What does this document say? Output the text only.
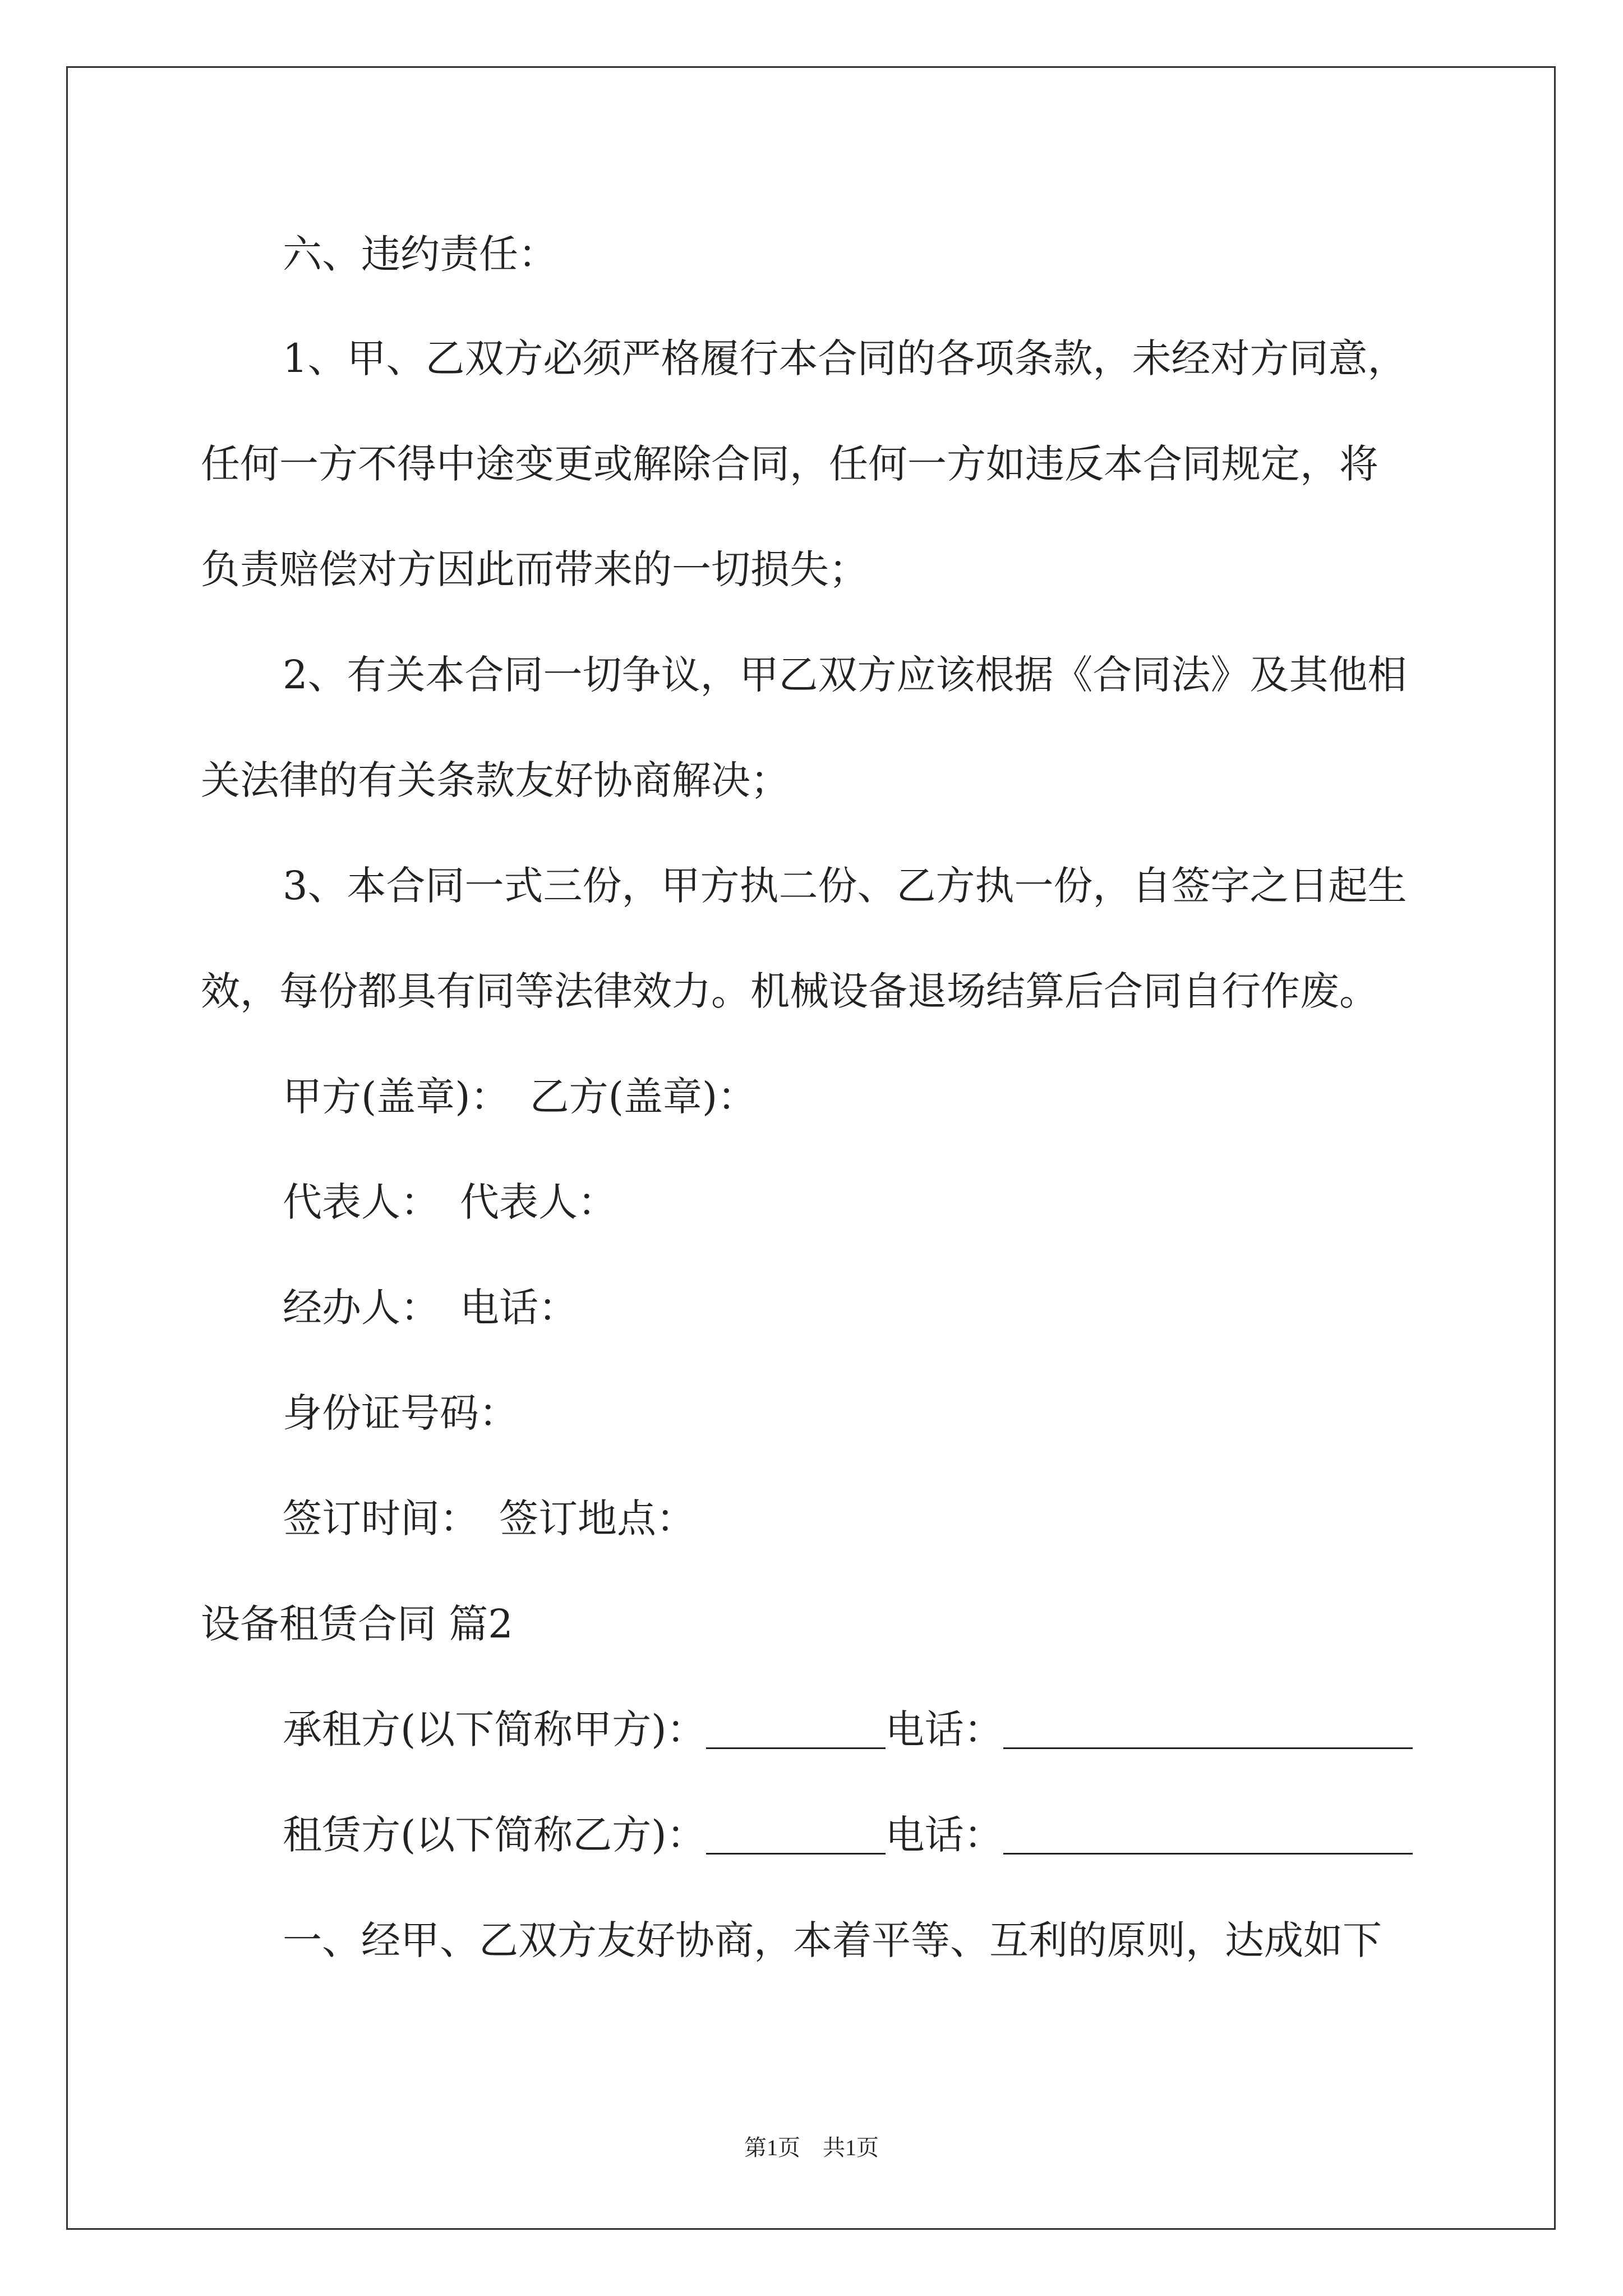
六、违约责任：
1、甲、乙双方必须严格履行本合同的各项条款，未经对方同意，
任何一方不得中途变更或解除合同，任何一方如违反本合同规定，将
负责赔偿对方因此而带来的一切损失；
2、有关本合同一切争议，甲乙双方应该根据《合同法》及其他相
关法律的有关条款友好协商解决；
3、本合同一式三份，甲方执二份、乙方执一份，自签字之日起生
效，每份都具有同等法律效力。机械设备退场结算后合同自行作废。
甲方(盖章)： 乙方(盖章)：
代表人： 代表人：
经办人： 电话：
身份证号码：
签订时间： 签订地点：
设备租赁合同 篇2
承租方(以下简称甲方)：	电话：
租赁方(以下简称乙方)：	电话：
一、经甲、乙双方友好协商，本着平等、互利的原则，达成如下
第1页　共1页
